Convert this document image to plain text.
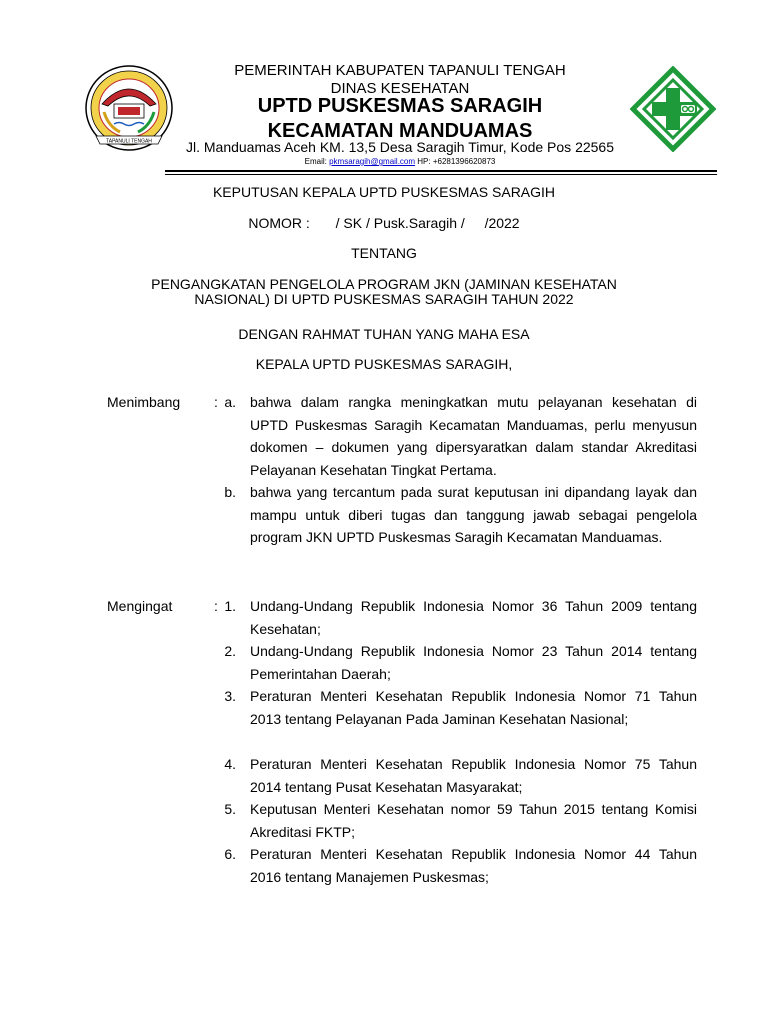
TAPANULI TENGAH
PEMERINTAH KABUPATEN TAPANULI TENGAH
DINAS KESEHATAN
UPTD PUSKESMAS SARAGIH
KECAMATAN MANDUAMAS
Jl. Manduamas Aceh KM. 13,5 Desa Saragih Timur, Kode Pos 22565
Email: pkmsaragih@gmail.com HP: +6281396620873
KEPUTUSAN KEPALA UPTD PUSKESMAS SARAGIH
NOMOR : / SK / Pusk.Saragih / /2022
TENTANG
PENGANGKATAN PENGELOLA PROGRAM JKN (JAMINAN KESEHATAN
NASIONAL) DI UPTD PUSKESMAS SARAGIH TAHUN 2022
DENGAN RAHMAT TUHAN YANG MAHA ESA
KEPALA UPTD PUSKESMAS SARAGIH,
Menimbang : a. bahwa dalam rangka meningkatkan mutu pelayanan kesehatan di UPTD Puskesmas Saragih Kecamatan Manduamas, perlu menyusun dokomen – dokumen yang dipersyaratkan dalam standar Akreditasi Pelayanan Kesehatan Tingkat Pertama.
b. bahwa yang tercantum pada surat keputusan ini dipandang layak dan mampu untuk diberi tugas dan tanggung jawab sebagai pengelola program JKN UPTD Puskesmas Saragih Kecamatan Manduamas.
Mengingat	: 1. Undang-Undang Republik Indonesia Nomor 36 Tahun 2009 tentang Kesehatan;
2. Undang-Undang Republik Indonesia Nomor 23 Tahun 2014 tentang Pemerintahan Daerah;
3. Peraturan Menteri Kesehatan Republik Indonesia Nomor 71 Tahun 2013 tentang Pelayanan Pada Jaminan Kesehatan Nasional;
4. Peraturan Menteri Kesehatan Republik Indonesia Nomor 75 Tahun 2014 tentang Pusat Kesehatan Masyarakat;
5. Keputusan Menteri Kesehatan nomor 59 Tahun 2015 tentang Komisi Akreditasi FKTP;
6. Peraturan Menteri Kesehatan Republik Indonesia Nomor 44 Tahun 2016 tentang Manajemen Puskesmas;
